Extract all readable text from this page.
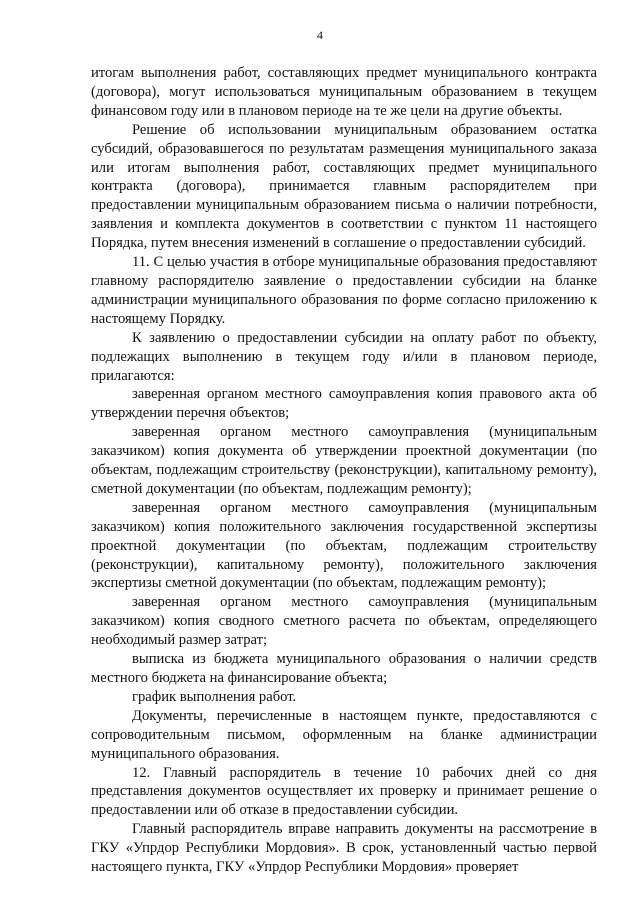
4

итогам выполнения работ, составляющих предмет муниципального контракта (договора), могут использоваться муниципальным образованием в текущем финансовом году или в плановом периоде на те же цели на другие объекты.

Решение об использовании муниципальным образованием остатка субсидий, образовавшегося по результатам размещения муниципального заказа или итогам выполнения работ, составляющих предмет муниципального контракта (договора), принимается главным распорядителем при предоставлении муниципальным образованием письма о наличии потребности, заявления и комплекта документов в соответствии с пунктом 11 настоящего Порядка, путем внесения изменений в соглашение о предоставлении субсидий.

11. С целью участия в отборе муниципальные образования предоставляют главному распорядителю заявление о предоставлении субсидии на бланке администрации муниципального образования по форме согласно приложению к настоящему Порядку.

К заявлению о предоставлении субсидии на оплату работ по объекту, подлежащих выполнению в текущем году и/или в плановом периоде, прилагаются:

заверенная органом местного самоуправления копия правового акта об утверждении перечня объектов;

заверенная органом местного самоуправления (муниципальным заказчиком) копия документа об утверждении проектной документации (по объектам, подлежащим строительству (реконструкции), капитальному ремонту), сметной документации (по объектам, подлежащим ремонту);

заверенная органом местного самоуправления (муниципальным заказчиком) копия положительного заключения государственной экспертизы проектной документации (по объектам, подлежащим строительству (реконструкции), капитальному ремонту), положительного заключения экспертизы сметной документации (по объектам, подлежащим ремонту);

заверенная органом местного самоуправления (муниципальным заказчиком) копия сводного сметного расчета по объектам, определяющего необходимый размер затрат;

выписка из бюджета муниципального образования о наличии средств местного бюджета на финансирование объекта;

график выполнения работ.

Документы, перечисленные в настоящем пункте, предоставляются с сопроводительным письмом, оформленным на бланке администрации муниципального образования.

12. Главный распорядитель в течение 10 рабочих дней со дня представления документов осуществляет их проверку и принимает решение о предоставлении или об отказе в предоставлении субсидии.

Главный распорядитель вправе направить документы на рассмотрение в ГКУ «Упрдор Республики Мордовия». В срок, установленный частью первой настоящего пункта, ГКУ «Упрдор Республики Мордовия» проверяет
